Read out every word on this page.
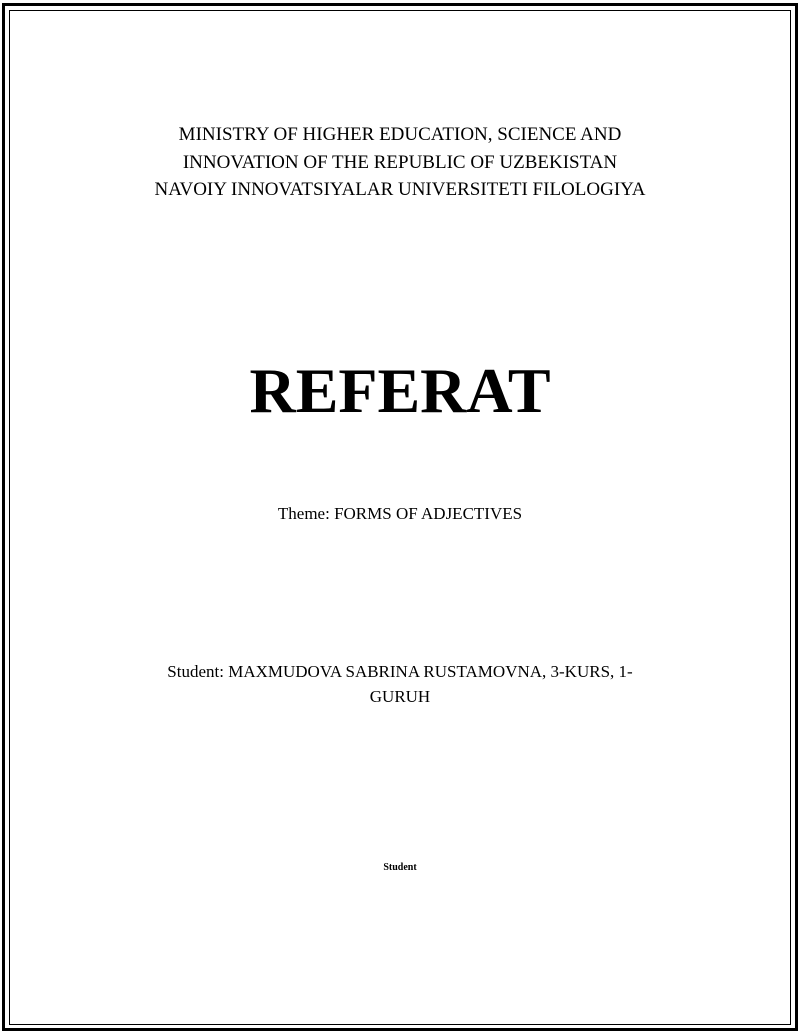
MINISTRY OF HIGHER EDUCATION, SCIENCE AND
INNOVATION OF THE REPUBLIC OF UZBEKISTAN
NAVOIY INNOVATSIYALAR UNIVERSITETI FILOLOGIYA
REFERAT
Theme: FORMS OF ADJECTIVES
Student: MAXMUDOVA SABRINA RUSTAMOVNA, 3-KURS, 1-
GURUH
Student
